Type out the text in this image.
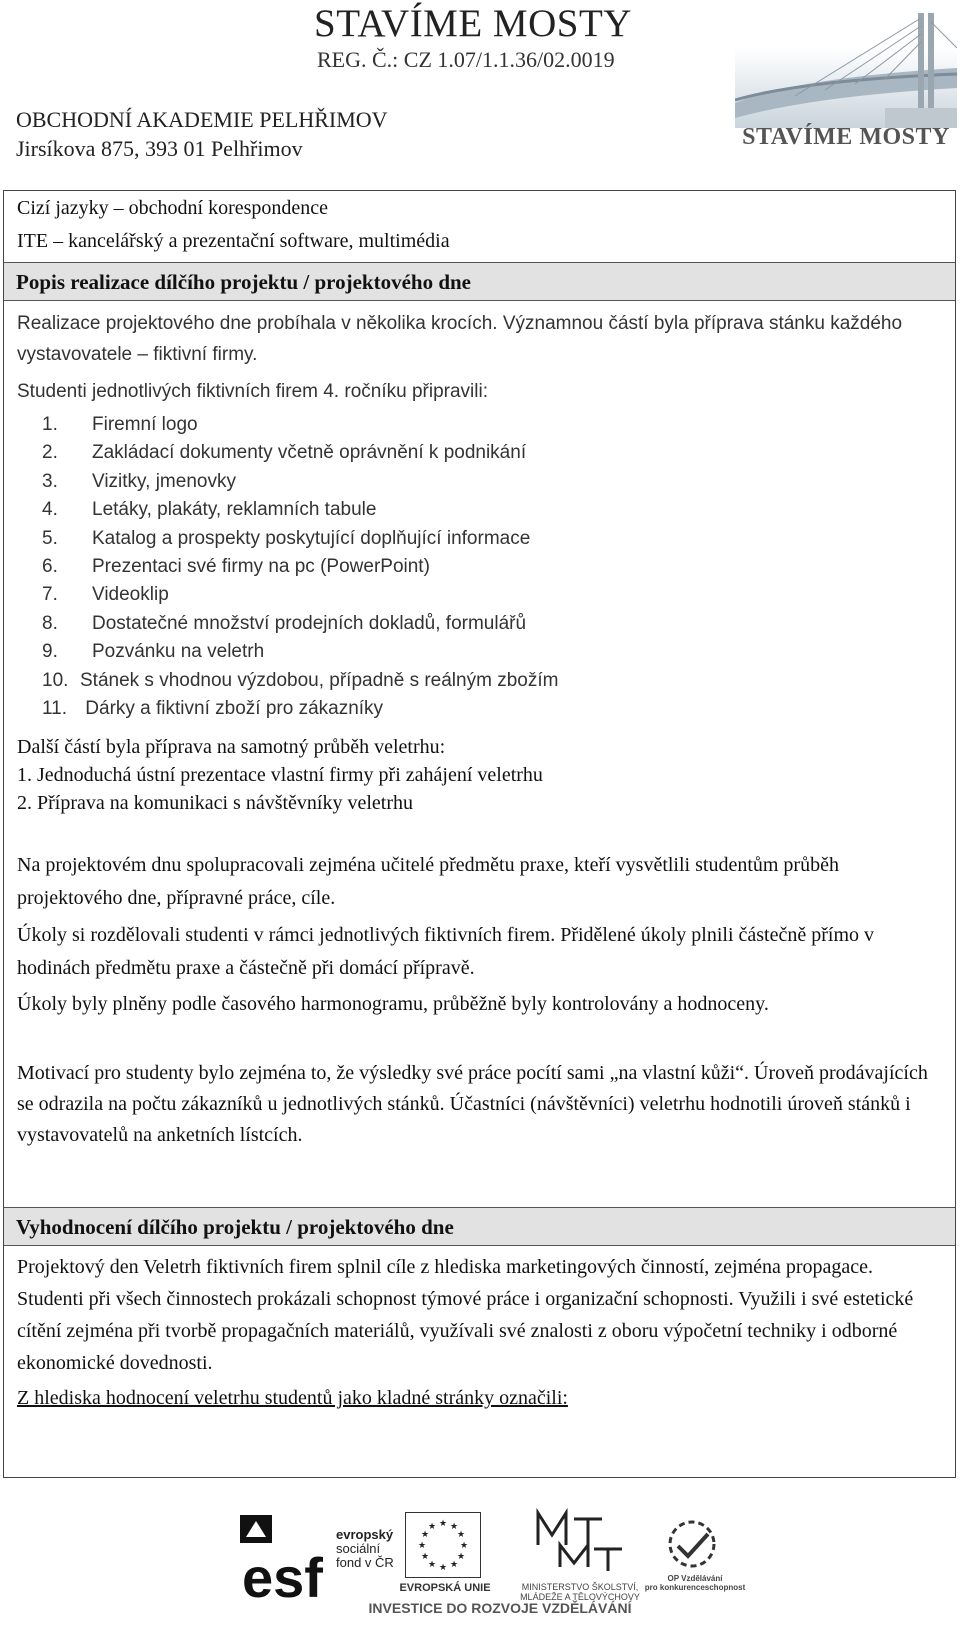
STAVÍME MOSTY
REG. Č.: CZ 1.07/1.1.36/02.0019
OBCHODNÍ AKADEMIE PELHŘIMOV
Jirsíkova 875, 393 01 Pelhřimov	STAVÍME MOSTY
Cizí jazyky – obchodní korespondence
ITE – kancelářský a prezentační software, multimédia
Popis realizace dílčího projektu / projektového dne

Realizace projektového dne probíhala v několika krocích. Významnou částí byla příprava stánku každého vystavovatele – fiktivní firmy.

Studenti jednotlivých fiktivních firem 4. ročníku připravili:

1. Firemní logo
2. Zakládací dokumenty včetně oprávnění k podnikání
3. Vizitky, jmenovky
4. Letáky, plakáty, reklamních tabule
5. Katalog a prospekty poskytující doplňující informace
6. Prezentaci své firmy na pc (PowerPoint)
7. Videoklip
8. Dostatečné množství prodejních dokladů, formulářů
9. Pozvánku na veletrh
10. Stánek s vhodnou výzdobou, případně s reálným zbožím
11. Dárky a fiktivní zboží pro zákazníky

Další částí byla příprava na samotný průběh veletrhu:

1. Jednoduchá ústní prezentace vlastní firmy při zahájení veletrhu

2. Příprava na komunikaci s návštěvníky veletrhu

Na projektovém dnu spolupracovali zejména učitelé předmětu praxe, kteří vysvětlili studentům průběh projektového dne, přípravné práce, cíle.

Úkoly si rozdělovali studenti v rámci jednotlivých fiktivních firem. Přidělené úkoly plnili částečně přímo v hodinách předmětu praxe a částečně při domácí přípravě.

Úkoly byly plněny podle časového harmonogramu, průběžně byly kontrolovány a hodnoceny.

Motivací pro studenty bylo zejména to, že výsledky své práce pocítí sami „na vlastní kůži“. Úroveň prodávajících se odrazila na počtu zákazníků u jednotlivých stánků. Účastníci (návštěvníci) veletrhu hodnotili úroveň stánků i vystavovatelů na anketních lístcích.

Vyhodnocení dílčího projektu / projektového dne

Projektový den Veletrh fiktivních firem splnil cíle z hlediska marketingových činností, zejména propagace. Studenti při všech činnostech prokázali schopnost týmové práce i organizační schopnosti. Využili i své estetické cítění zejména při tvorbě propagačních materiálů, využívali své znalosti z oboru výpočetní techniky i odborné ekonomické dovednosti.

Z hlediska hodnocení veletrhu studentů jako kladné stránky označili:

esf
evropský
sociální
fond v ČR
★ ★
★
★
★
★
★
★
★
★
★
★
EVROPSKÁ UNIE	MINISTERSTVO ŠKOLSTVÍ,
MLÁDEŽE A TĚLOVÝCHOVY
OP Vzdělávání
pro konkurenceschopnost
INVESTICE DO ROZVOJE VZDĚLÁVÁNÍ
